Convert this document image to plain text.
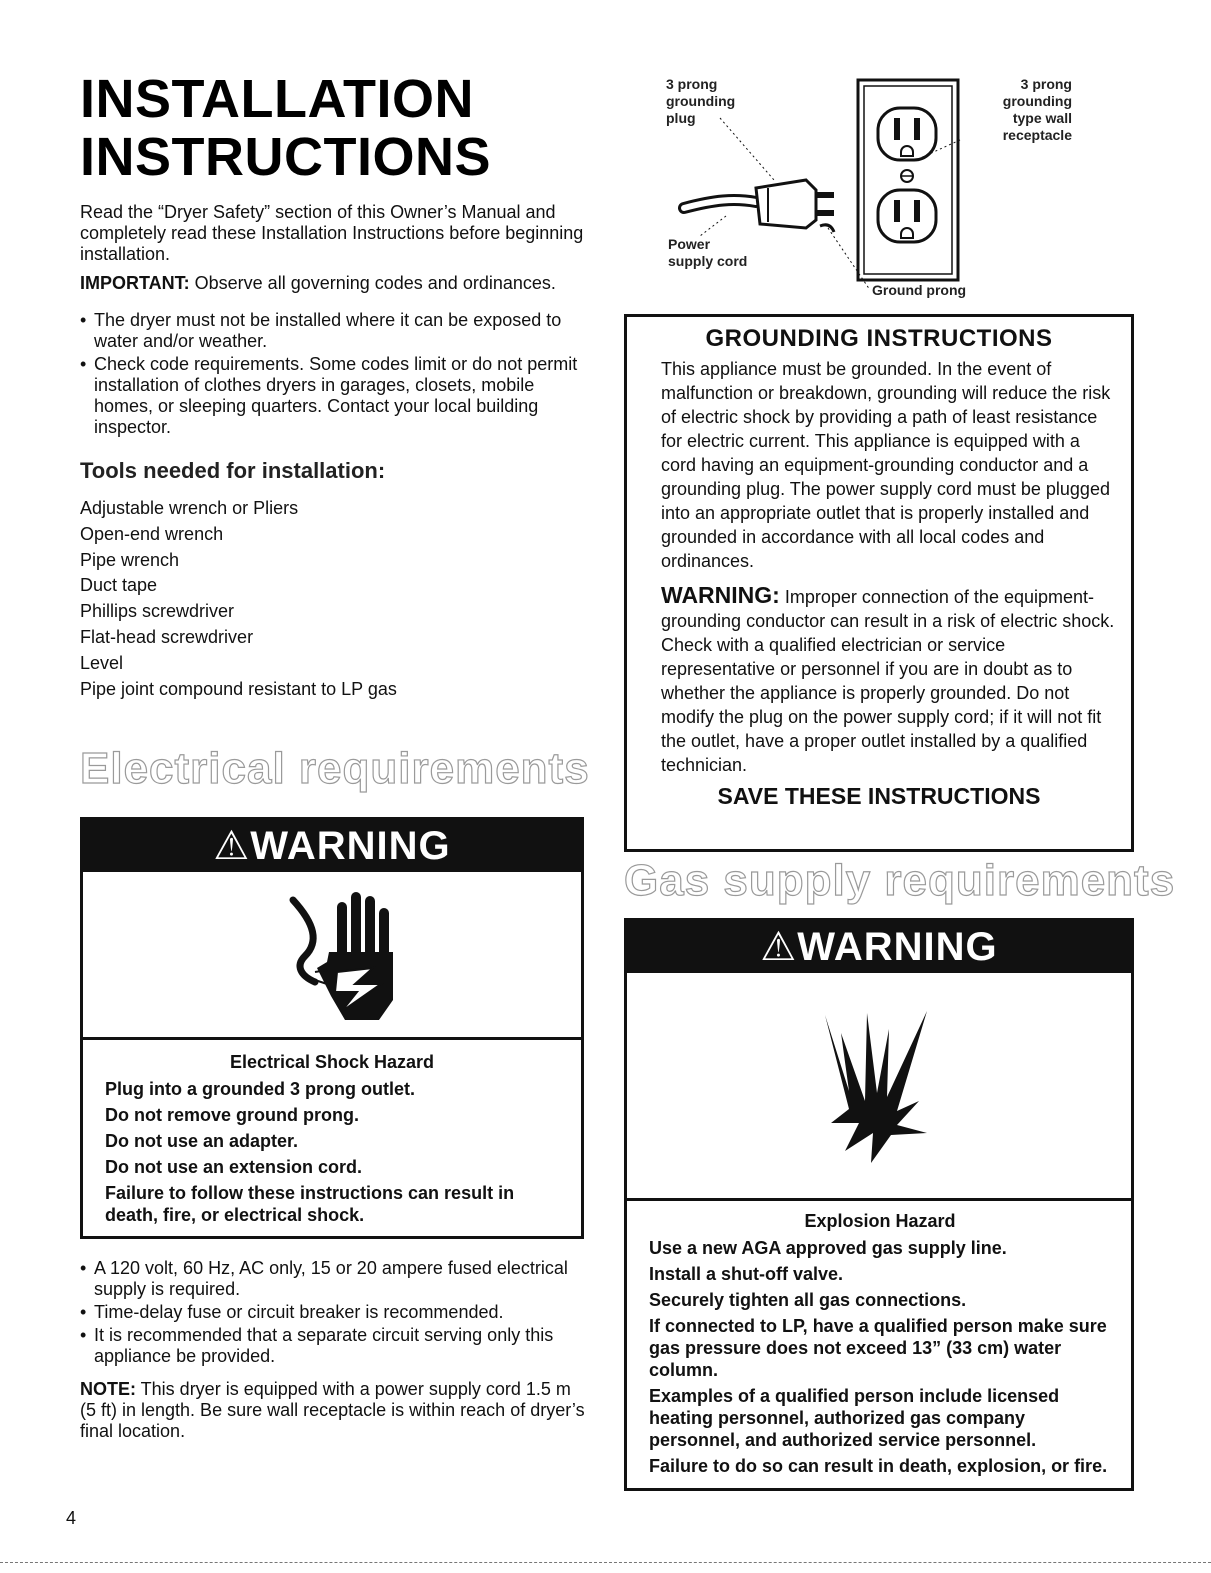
INSTALLATION
INSTRUCTIONS

Read the “Dryer Safety” section of this Owner’s Manual and completely read these Installation Instructions before beginning installation.

IMPORTANT: Observe all governing codes and ordinances.

• The dryer must not be installed where it can be exposed to water and/or weather.
• Check code requirements. Some codes limit or do not permit installation of clothes dryers in garages, closets, mobile homes, or sleeping quarters. Contact your local building inspector.
Tools needed for installation:
Adjustable wrench or Pliers
Open-end wrench
Pipe wrench
Duct tape
Phillips screwdriver
Flat-head screwdriver
Level
Pipe joint compound resistant to LP gas
Electrical requirements
⚠WARNING
Electrical Shock Hazard
Plug into a grounded 3 prong outlet.
Do not remove ground prong.
Do not use an adapter.
Do not use an extension cord.
Failure to follow these instructions can result in death, fire, or electrical shock.
• A 120 volt, 60 Hz, AC only, 15 or 20 ampere fused electrical supply is required.
• Time-delay fuse or circuit breaker is recommended.
• It is recommended that a separate circuit serving only this appliance be provided.

NOTE: This dryer is equipped with a power supply cord 1.5 m (5 ft) in length. Be sure wall receptacle is within reach of dryer’s final location.

3 prong
grounding
plug
3 prong
grounding
type wall
receptacle
Power
supply cord
Ground prong
GROUNDING INSTRUCTIONS

This appliance must be grounded. In the event of malfunction or breakdown, grounding will reduce the risk of electric shock by providing a path of least resistance for electric current. This appliance is equipped with a cord having an equipment-grounding conductor and a grounding plug. The power supply cord must be plugged into an appropriate outlet that is properly installed and grounded in accordance with all local codes and ordinances.

WARNING: Improper connection of the equipment-grounding conductor can result in a risk of electric shock. Check with a qualified electrician or service representative or personnel if you are in doubt as to whether the appliance is properly grounded. Do not modify the plug on the power supply cord; if it will not fit the outlet, have a proper outlet installed by a qualified technician.

SAVE THESE INSTRUCTIONS
Gas supply requirements
⚠WARNING
Explosion Hazard
Use a new AGA approved gas supply line.
Install a shut-off valve.
Securely tighten all gas connections.
If connected to LP, have a qualified person make sure gas pressure does not exceed 13” (33 cm) water column.
Examples of a qualified person include licensed heating personnel, authorized gas company personnel, and authorized service personnel.
Failure to do so can result in death, explosion, or fire.
4
